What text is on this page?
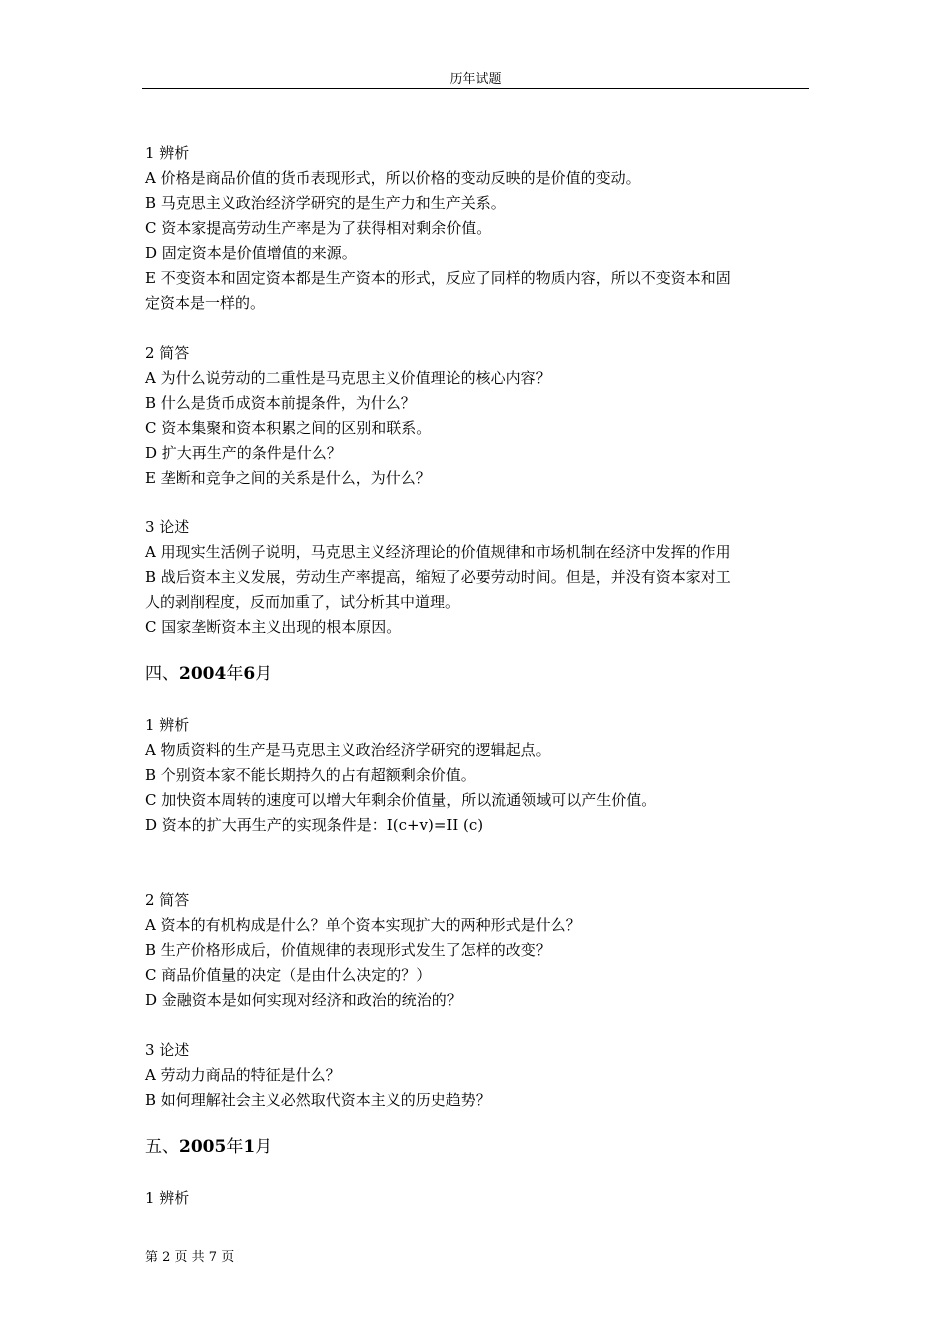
历年试题
1 辨析
A 价格是商品价值的货币表现形式，所以价格的变动反映的是价值的变动。
B 马克思主义政治经济学研究的是生产力和生产关系。
C 资本家提高劳动生产率是为了获得相对剩余价值。
D 固定资本是价值增值的来源。
E 不变资本和固定资本都是生产资本的形式，反应了同样的物质内容，所以不变资本和固
定资本是一样的。
2 简答
A 为什么说劳动的二重性是马克思主义价值理论的核心内容？
B 什么是货币成资本前提条件，为什么？
C 资本集聚和资本积累之间的区别和联系。
D 扩大再生产的条件是什么？
E 垄断和竞争之间的关系是什么，为什么？
3 论述
A 用现实生活例子说明，马克思主义经济理论的价值规律和市场机制在经济中发挥的作用
B 战后资本主义发展，劳动生产率提高，缩短了必要劳动时间。但是，并没有资本家对工
人的剥削程度，反而加重了，试分析其中道理。
C 国家垄断资本主义出现的根本原因。
四、2004年6月
1 辨析
A 物质资料的生产是马克思主义政治经济学研究的逻辑起点。
B 个别资本家不能长期持久的占有超额剩余价值。
C 加快资本周转的速度可以增大年剩余价值量，所以流通领域可以产生价值。
D 资本的扩大再生产的实现条件是：I(c+v)=II (c)
2 简答
A 资本的有机构成是什么？单个资本实现扩大的两种形式是什么？
B 生产价格形成后，价值规律的表现形式发生了怎样的改变？
C 商品价值量的决定（是由什么决定的？）
D 金融资本是如何实现对经济和政治的统治的？
3 论述
A 劳动力商品的特征是什么？
B 如何理解社会主义必然取代资本主义的历史趋势？
五、2005年1月
1 辨析
第 2 页 共 7 页
